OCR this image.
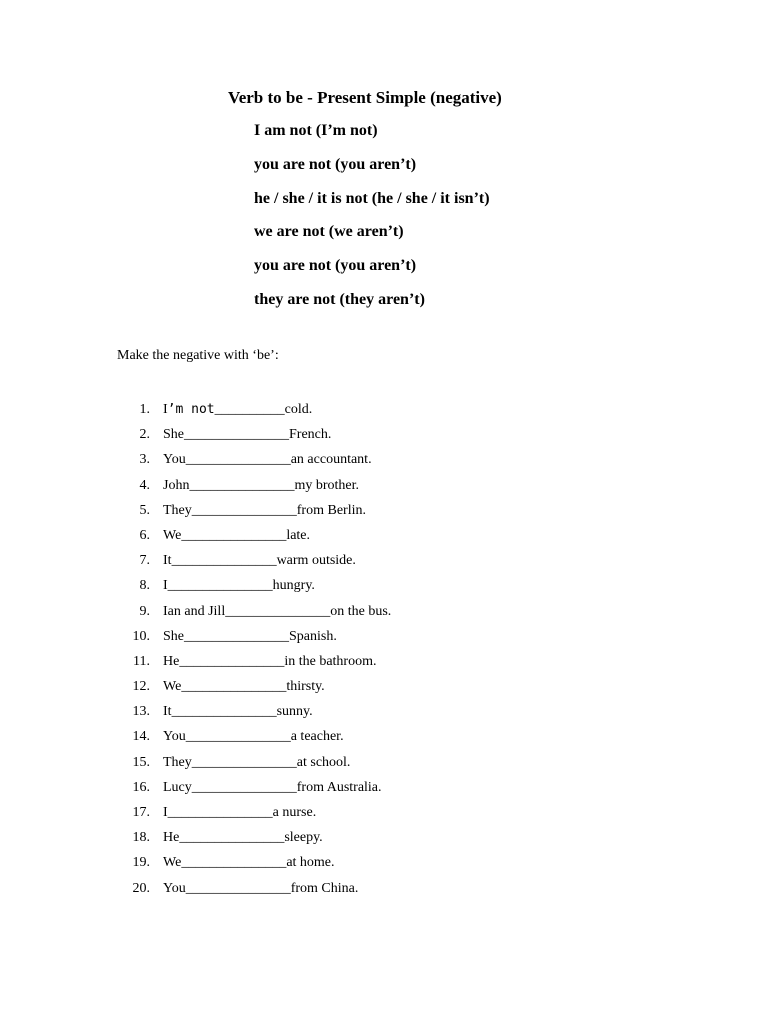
Verb to be - Present Simple (negative)
I am not (I’m not)
you are not (you aren’t)
he / she / it is not (he / she / it isn’t)
we are not (we aren’t)
you are not (you aren’t)
they are not (they aren’t)
Make the negative with ‘be’:
1. I’m not__________cold.
2. She_______________French.
3. You_______________an accountant.
4. John_______________my brother.
5. They_______________from Berlin.
6. We_______________late.
7. It_______________warm outside.
8. I_______________hungry.
9. Ian and Jill_______________on the bus.
10. She_______________Spanish.
11. He_______________in the bathroom.
12. We_______________thirsty.
13. It_______________sunny.
14. You_______________a teacher.
15. They_______________at school.
16. Lucy_______________from Australia.
17. I_______________a nurse.
18. He_______________sleepy.
19. We_______________at home.
20. You_______________from China.
